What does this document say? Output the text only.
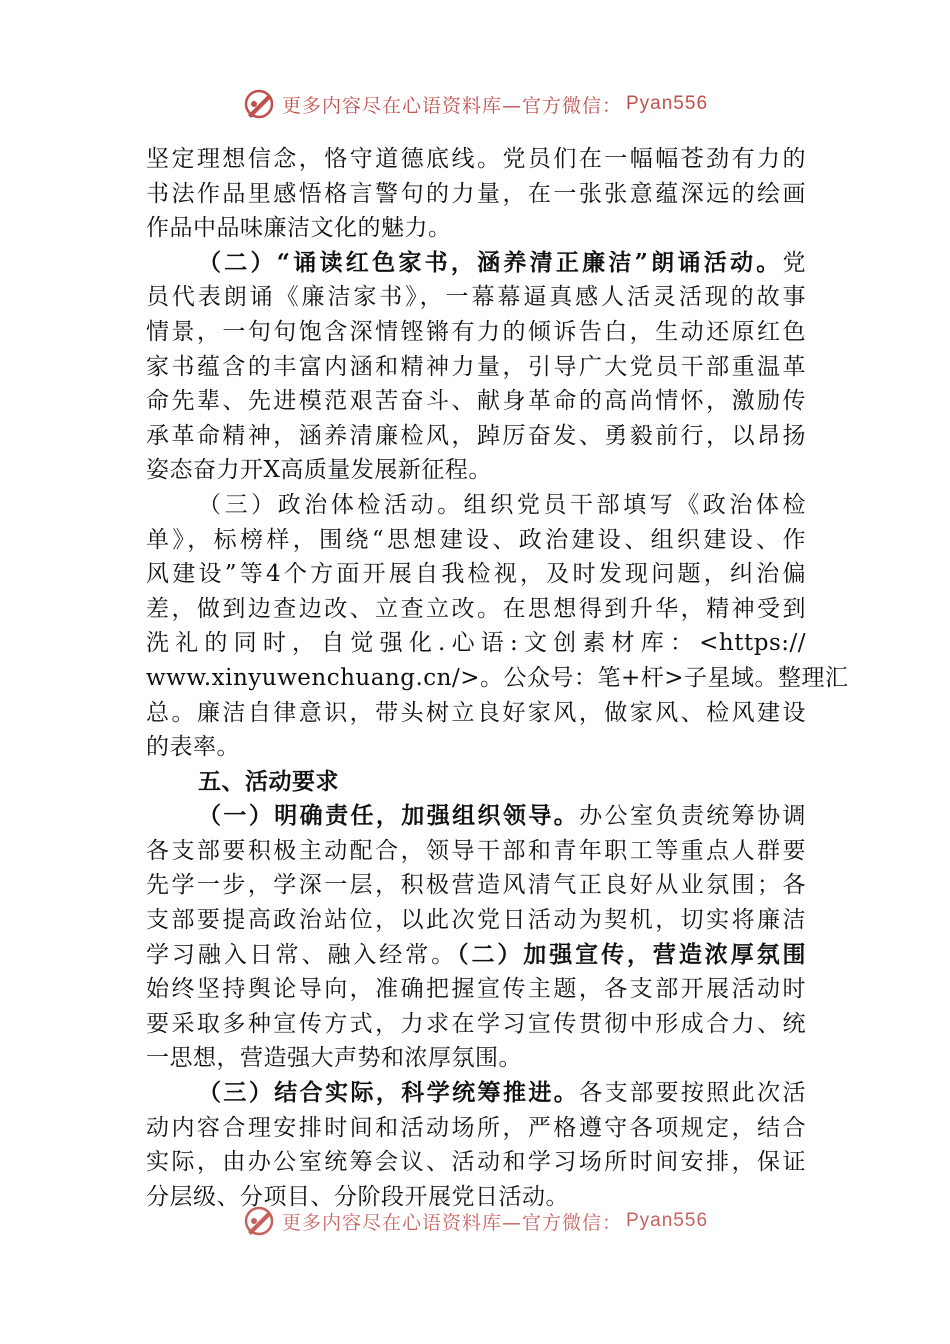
更多内容尽在心语资料库—官方微信： Pyan556
坚定理想信念，恪守道德底线。党员们在一幅幅苍劲有力的
书法作品里感悟格言警句的力量，在一张张意蕴深远的绘画
作品中品味廉洁文化的魅力。
（二）“诵读红色家书，涵养清正廉洁”朗诵活动。党
员代表朗诵《廉洁家书》，一幕幕逼真感人活灵活现的故事
情景，一句句饱含深情铿锵有力的倾诉告白，生动还原红色
家书蕴含的丰富内涵和精神力量，引导广大党员干部重温革
命先辈、先进模范艰苦奋斗、献身革命的高尚情怀，激励传
承革命精神，涵养清廉检风，踔厉奋发、勇毅前行，以昂扬
姿态奋力开X高质量发展新征程。
（三）政治体检活动。组织党员干部填写《政治体检
单》，标榜样，围绕“思想建设、政治建设、组织建设、作
风建设”等4个方面开展自我检视，及时发现问题，纠治偏
差，做到边查边改、立查立改。在思想得到升华，精神受到
洗礼的同时，自觉强化.心语:文创素材库：<https://
www.xinyuwenchuang.cn/>。公众号：笔+杆>子星域。整理汇
总。廉洁自律意识，带头树立良好家风，做家风、检风建设
的表率。
五、活动要求
（一）明确责任，加强组织领导。办公室负责统筹协调
各支部要积极主动配合，领导干部和青年职工等重点人群要
先学一步，学深一层，积极营造风清气正良好从业氛围；各
支部要提高政治站位，以此次党日活动为契机，切实将廉洁
学习融入日常、融入经常。（二）加强宣传，营造浓厚氛围
始终坚持舆论导向，准确把握宣传主题，各支部开展活动时
要采取多种宣传方式，力求在学习宣传贯彻中形成合力、统
一思想，营造强大声势和浓厚氛围。
（三）结合实际，科学统筹推进。各支部要按照此次活
动内容合理安排时间和活动场所，严格遵守各项规定，结合
实际，由办公室统筹会议、活动和学习场所时间安排，保证
分层级、分项目、分阶段开展党日活动。
更多内容尽在心语资料库—官方微信： Pyan556
